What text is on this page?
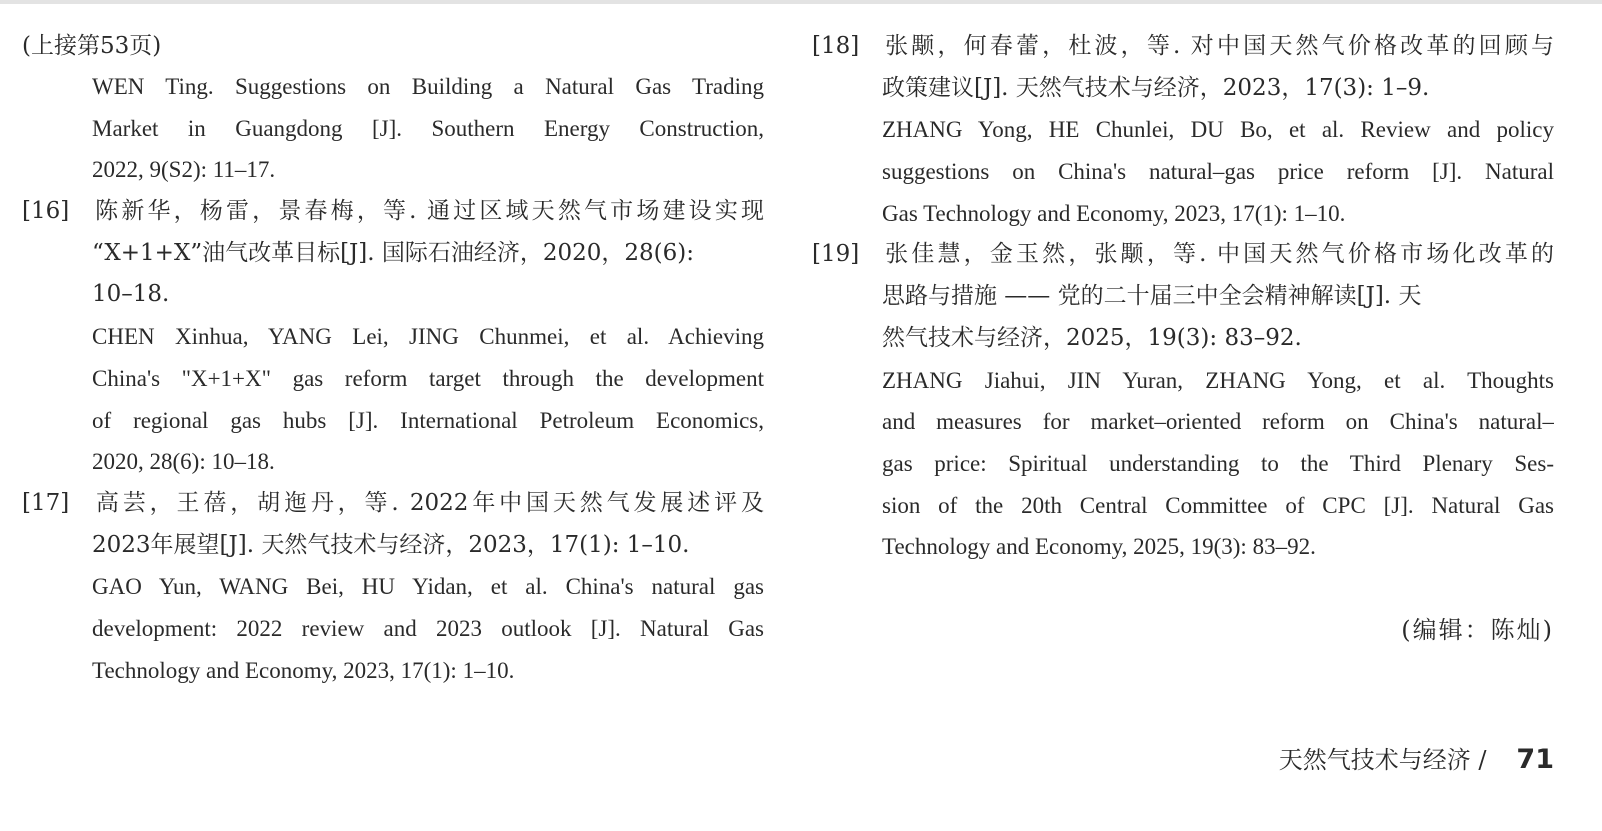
(上接第53页)
WEN Ting. Suggestions on Building a Natural Gas Trading
Market in Guangdong [J]. Southern Energy Construction,
2022, 9(S2): 11–17.
[16] 陈新华，杨雷，景春梅，等. 通过区域天然气市场建设实现
“X+1+X”油气改革目标[J]. 国际石油经济，2020，28(6):
10–18.
CHEN Xinhua, YANG Lei, JING Chunmei, et al. Achieving
China's "X+1+X" gas reform target through the development
of regional gas hubs [J]. International Petroleum Economics,
2020, 28(6): 10–18.
[17] 高芸，王蓓，胡迤丹，等. 2022年中国天然气发展述评及
2023年展望[J]. 天然气技术与经济，2023，17(1): 1–10.
GAO Yun, WANG Bei, HU Yidan, et al. China's natural gas
development: 2022 review and 2023 outlook [J]. Natural Gas
Technology and Economy, 2023, 17(1): 1–10.
[18] 张颙，何春蕾，杜波，等. 对中国天然气价格改革的回顾与
政策建议[J]. 天然气技术与经济，2023，17(3): 1–9.
ZHANG Yong, HE Chunlei, DU Bo, et al. Review and policy
suggestions on China's natural–gas price reform [J]. Natural
Gas Technology and Economy, 2023, 17(1): 1–10.
[19] 张佳慧，金玉然，张颙，等. 中国天然气价格市场化改革的
思路与措施 —— 党的二十届三中全会精神解读[J]. 天
然气技术与经济，2025，19(3): 83–92.
ZHANG Jiahui, JIN Yuran, ZHANG Yong, et al. Thoughts
and measures for market–oriented reform on China's natural–
gas price: Spiritual understanding to the Third Plenary Ses-
sion of the 20th Central Committee of CPC [J]. Natural Gas
Technology and Economy, 2025, 19(3): 83–92.
(编辑：陈灿)
天然气技术与经济 / 71
